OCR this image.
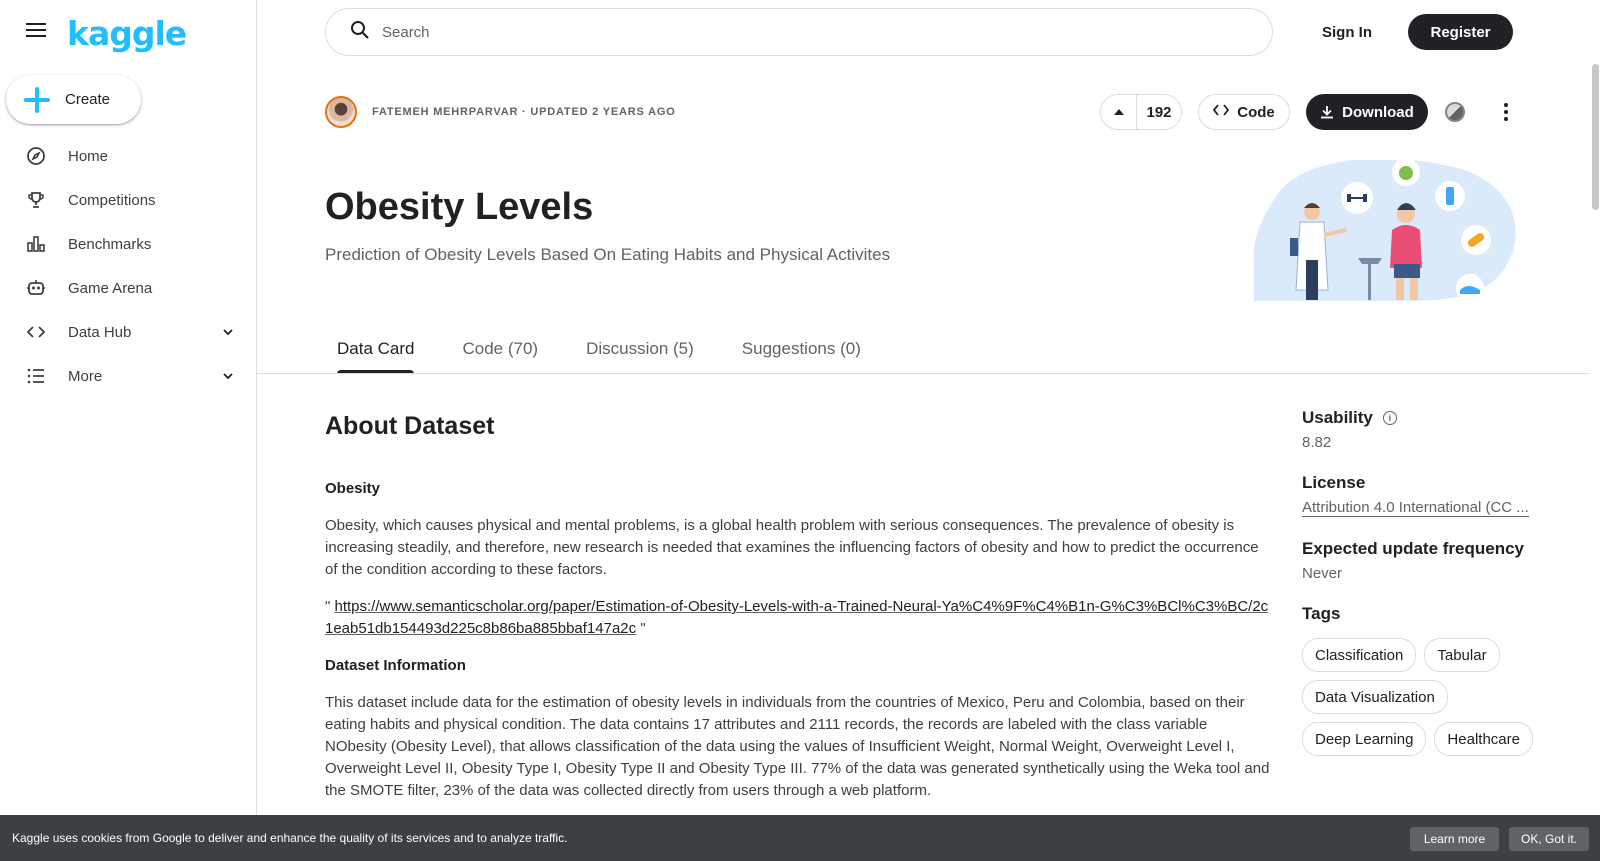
kaggle
Create
Home
Competitions
Benchmarks
Game Arena
Data Hub
More
Search
Sign In	Register
FATEMEH MEHRPARVAR · UPDATED 2 YEARS AGO	192	Code	Download
Obesity Levels
Prediction of Obesity Levels Based On Eating Habits and Physical Activites
Data Card	Code (70)	Discussion (5)	Suggestions (0)
About Dataset
Obesity

Obesity, which causes physical and mental problems, is a global health problem with serious consequences. The prevalence of obesity is increasing steadily, and therefore, new research is needed that examines the influencing factors of obesity and how to predict the occurrence of the condition according to these factors.

" https://www.semanticscholar.org/paper/Estimation-of-Obesity-Levels-with-a-Trained-Neural-Ya%C4%9F%C4%B1n-G%C3%BCl%C3%BC/2c1eab51db154493d225c8b86ba885bbaf147a2c "

Dataset Information

This dataset include data for the estimation of obesity levels in individuals from the countries of Mexico, Peru and Colombia, based on their eating habits and physical condition. The data contains 17 attributes and 2111 records, the records are labeled with the class variable NObesity (Obesity Level), that allows classification of the data using the values of Insufficient Weight, Normal Weight, Overweight Level I, Overweight Level II, Obesity Type I, Obesity Type II and Obesity Type III. 77% of the data was generated synthetically using the Weka tool and the SMOTE filter, 23% of the data was collected directly from users through a web platform.

Usability	i
8.82
License
Attribution 4.0 International (CC ...
Expected update frequency
Never
Tags
Classification	Tabular
Data Visualization
Deep Learning	Healthcare
Kaggle uses cookies from Google to deliver and enhance the quality of its services and to analyze traffic.	Learn more	OK, Got it.
